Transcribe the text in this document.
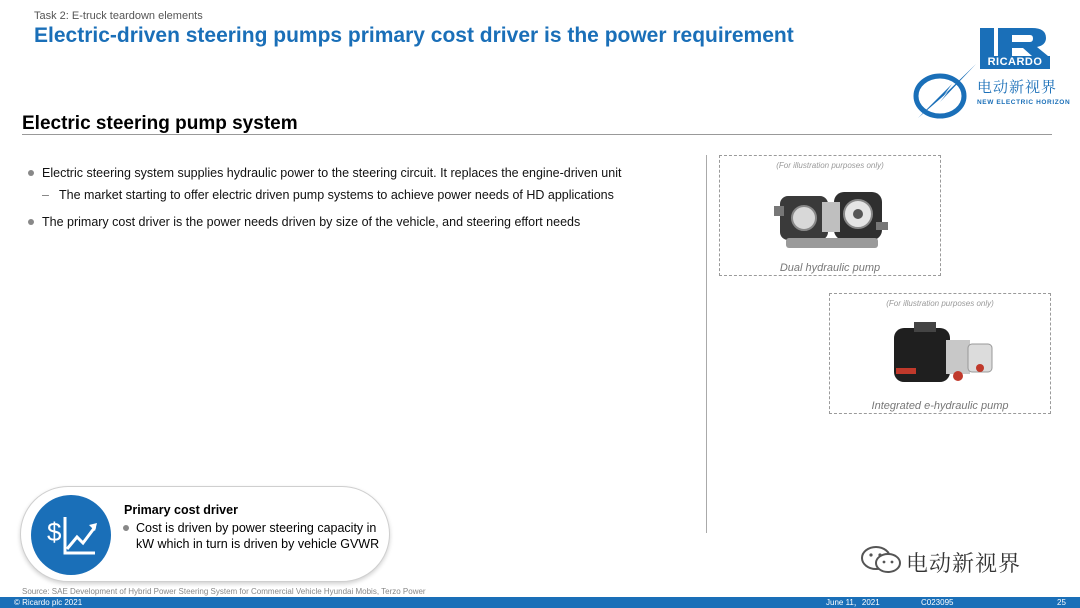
Task 2: E-truck teardown elements
Electric-driven steering pumps primary cost driver is the power requirement
RICARDO
电动新视界
NEW ELECTRIC HORIZON
Electric steering pump system
Electric steering system supplies hydraulic power to the steering circuit. It replaces the engine-driven unit
– The market starting to offer electric driven pump systems to achieve power needs of HD applications
The primary cost driver is the power needs driven by size of the vehicle, and steering effort needs
(For illustration purposes only)
Dual hydraulic pump
(For illustration purposes only)
Integrated e-hydraulic pump
$
Primary cost driver
Cost is driven by power steering capacity in kW which in turn is driven by vehicle GVWR
电动新视界
Source: SAE Development of Hybrid Power Steering System for Commercial Vehicle Hyundai Mobis, Terzo Power
© Ricardo plc 2021	June 11，2021	C023095	25
